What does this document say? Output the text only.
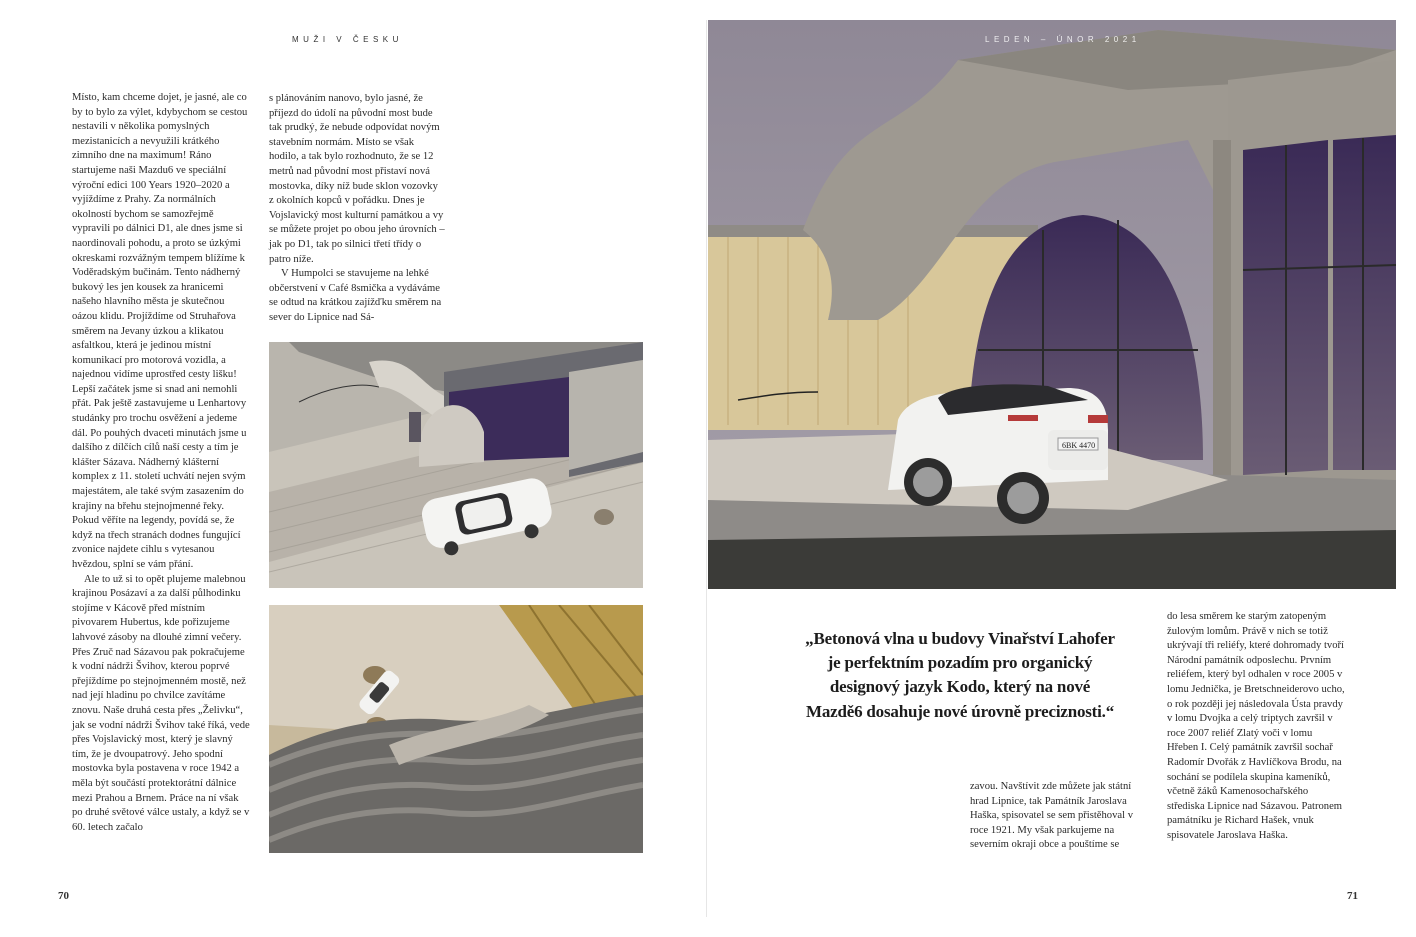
MUŽI V ČESKU

Místo, kam chceme dojet, je jasné, ale co by to bylo za výlet, kdybychom se cestou nestavili v několika pomyslných mezistanicích a nevyužili krátkého zimního dne na maximum! Ráno startujeme naši Mazdu6 ve speciální výroční edici 100 Years 1920–2020 a vyjíždíme z Prahy. Za normálních okolností bychom se samozřejmě vypravili po dálnici D1, ale dnes jsme si naordinovali pohodu, a proto se úzkými okreskami rozvážným tempem blížíme k Voděradským bučinám. Tento nádherný bukový les jen kousek za hranicemi našeho hlavního města je skutečnou oázou klidu. Projíždíme od Struhařova směrem na Jevany úzkou a klikatou asfaltkou, která je jedinou místní komunikací pro motorová vozidla, a najednou vidíme uprostřed cesty lišku! Lepší začátek jsme si snad ani nemohli přát. Pak ještě zastavujeme u Lenhartovy studánky pro trochu osvěžení a jedeme dál. Po pouhých dvaceti minutách jsme u dalšího z dílčích cílů naší cesty a tím je klášter Sázava. Nádherný klášterní komplex z 11. století uchvátí nejen svým majestátem, ale také svým zasazením do krajiny na břehu stejnojmenné řeky. Pokud věříte na legendy, povídá se, že když na třech stranách dodnes fungující zvonice najdete cihlu s vytesanou hvězdou, splní se vám přání.

Ale to už si to opět plujeme malebnou krajinou Posázaví a za další půlhodinku stojíme v Kácově před místním pivovarem Hubertus, kde pořizujeme lahvové zásoby na dlouhé zimní večery. Přes Zruč nad Sázavou pak pokračujeme k vodní nádrži Švihov, kterou poprvé přejíždíme po stejnojmenném mostě, než nad její hladinu po chvilce zavítáme znovu. Naše druhá cesta přes „Želivku“, jak se vodní nádrži Švihov také říká, vede přes Vojslavický most, který je slavný tím, že je dvoupatrový. Jeho spodní mostovka byla postavena v roce 1942 a měla být součástí protektorátní dálnice mezi Prahou a Brnem. Práce na ní však po druhé světové válce ustaly, a když se v 60. letech začalo

s plánováním nanovo, bylo jasné, že příjezd do údolí na původní most bude tak prudký, že nebude odpovídat novým stavebním normám. Místo se však hodilo, a tak bylo rozhodnuto, že se 12 metrů nad původní most přistaví nová mostovka, díky níž bude sklon vozovky z okolních kopců v pořádku. Dnes je Vojslavický most kulturní památkou a vy se můžete projet po obou jeho úrovních – jak po D1, tak po silnici třetí třídy o patro níže.

V Humpolci se stavujeme na lehké občerstvení v Café 8smička a vydáváme se odtud na krátkou zajížďku směrem na sever do Lipnice nad Sá-

70
6BK 4470
LEDEN – ÚNOR 2021
„Betonová vlna u budovy Vinařství Lahofer je perfektním pozadím pro organický designový jazyk Kodo, který na nové Mazdě6 dosahuje nové úrovně preciznosti.“

zavou. Navštívit zde můžete jak státní hrad Lipnice, tak Památník Jaroslava Haška, spisovatel se sem přistěhoval v roce 1921. My však parkujeme na severním okraji obce a pouštíme se

do lesa směrem ke starým zatopeným žulovým lomům. Právě v nich se totiž ukrývají tři reliéfy, které dohromady tvoří Národní památník odposlechu. Prvním reliéfem, který byl odhalen v roce 2005 v lomu Jednička, je Bretschneiderovo ucho, o rok později jej následovala Ústa pravdy v lomu Dvojka a celý triptych završil v roce 2007 reliéf Zlatý voči v lomu Hřeben I. Celý památník završil sochař Radomír Dvořák z Havlíčkova Brodu, na sochání se podílela skupina kameníků, včetně žáků Kamenosochařského střediska Lipnice nad Sázavou. Patronem památníku je Richard Hašek, vnuk spisovatele Jaroslava Haška.

71
